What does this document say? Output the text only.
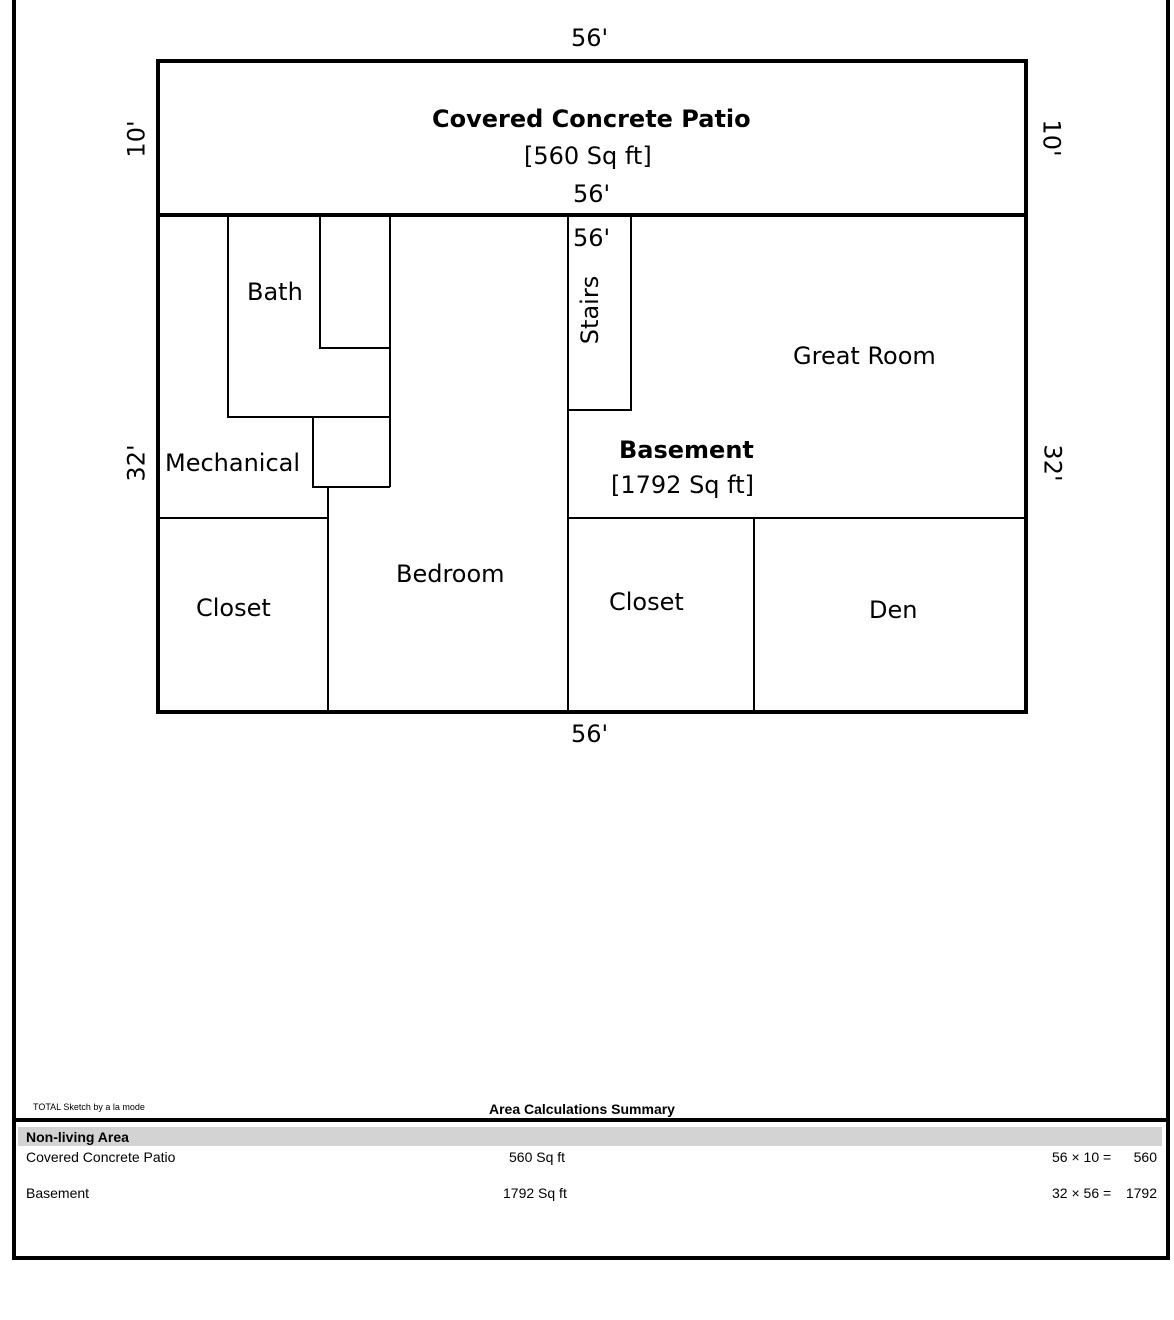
56'
56'
56'
56'
10'	10'
32'	32'
Covered Concrete Patio
[560 Sq ft]
Basement
[1792 Sq ft]
Bath	Stairs
Great Room
Mechanical
Bedroom
Closet	Closet	Den
TOTAL Sketch by a la mode	Area Calculations Summary
Non-living Area
Covered Concrete Patio	560 Sq ft	56 × 10 = 560
Basement	1792 Sq ft	32 × 56 = 1792
